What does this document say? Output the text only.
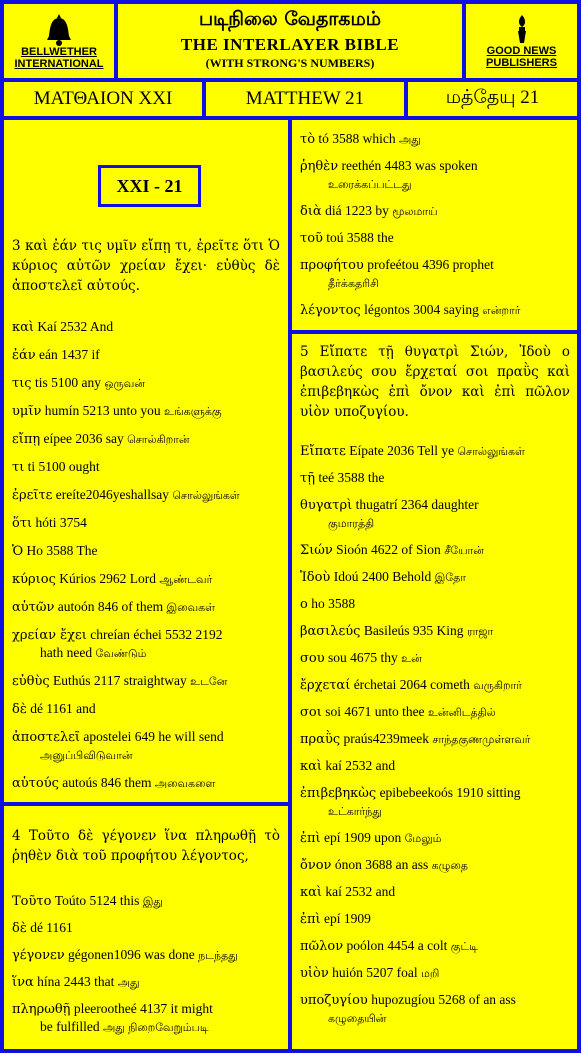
BELLWETHER INTERNATIONAL
படிநிலை வேதாகமம்
THE INTERLAYER BIBLE
(WITH STRONG'S NUMBERS)
GOOD NEWS PUBLISHERS
ΜΑΤΘΑΙΟΝ XXI	MATTHEW 21	மத்தேயு 21
XXI - 21
3 καὶ ἐάν τις υμῖν εἴπῃ τι, ἐρεῖτε ὅτι Ὁ κύριος αὐτῶν χρείαν ἔχει· εὐθὺς δὲ ἀποστελεῖ αὐτούς.
καὶ Kaí 2532 And
ἐάν eán 1437 if
τις tis 5100 any ஒருவன்
υμῖν humín 5213 unto you உங்களுக்கு
εἴπῃ eípee 2036 say சொல்கிறான்
τι ti 5100 ought
ἐρεῖτε ereíte2046yeshallsay சொல்லுங்கள்
ὅτι hóti 3754
Ὁ Ho 3588 The
κύριος Kúrios 2962 Lord ஆண்டவர்
αὐτῶν autoón 846 of them இவைகள்
χρείαν ἔχει chreían échei 5532 2192
hath need வேண்டும்
εὐθὺς Euthús 2117 straightway உடனே
δὲ dé 1161 and
ἀποστελεῖ apostelei 649 he will send
அனுப்பிவிடுவான்
αὐτούς autoús 846 them அவைகளை
4 Τοῦτο δὲ γέγονεν ἵνα πληρωθῇ τὸ ῥηθὲν διὰ τοῦ προφήτου λέγοντος,
Τοῦτο Toúto 5124 this இது
δὲ dé 1161
γέγονεν gégonen1096 was done நடந்தது
ἵνα hína 2443 that அது
πληρωθῇ pleerootheé 4137 it might
be fulfilled அது நிறைவேறும்படி
τὸ tó 3588 which அது
ῥηθὲν reethén 4483 was spoken
உரைக்கப்பட்டது
διὰ diá 1223 by மூலமாய்
τοῦ toú 3588 the
προφήτου profeétou 4396 prophet
தீர்க்கதரிசி
λέγοντος légontos 3004 saying என்றார்
5 Εἴπατε τῇ θυγατρὶ Σιών, Ἰδοὺ ο βασιλεύς σου ἔρχεταί σοι πραῢς καὶ ἐπιβεβηκὼς ἐπὶ ὄνον καὶ ἐπὶ πῶλον υἱὸν υποζυγίου.
Εἴπατε Eípate 2036 Tell ye சொல்லுங்கள்
τῇ teé 3588 the
θυγατρὶ thugatrí 2364 daughter
குமாரத்தி
Σιών Sioón 4622 of Sion சீயோன்
Ἰδοὺ Idoú 2400 Behold இதோ
ο ho 3588
βασιλεύς Basileús 935 King ராஜா
σου sou 4675 thy உன்
ἔρχεταί érchetai 2064 cometh வருகிறார்
σοι soi 4671 unto thee உன்னிடத்தில்
πραῢς praús4239meek சாந்தகுணமுள்ளவர்
καὶ kaí 2532 and
ἐπιβεβηκὼς epibebeekoós 1910 sitting
உட்கார்ந்து
ἐπὶ epí 1909 upon மேலும்
ὄνον ónon 3688 an ass கழுதை
καὶ kaí 2532 and
ἐπὶ epí 1909
πῶλον poólon 4454 a colt குட்டி
υἱὸν huión 5207 foal மறி
υποζυγίου hupozugíou 5268 of an ass
கழுதையின்
